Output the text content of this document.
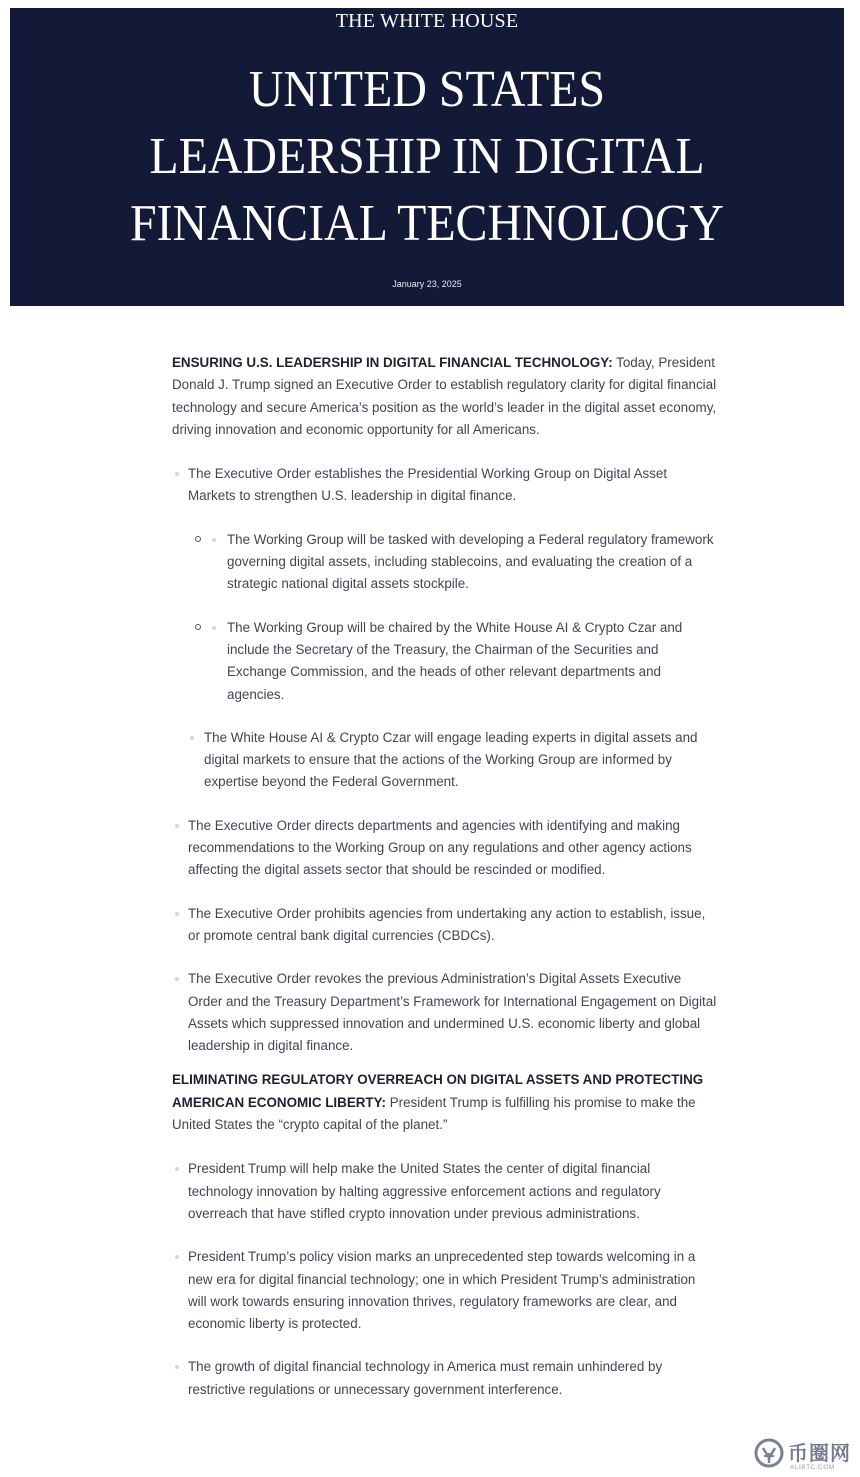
THE WHITE HOUSE
UNITED STATES
LEADERSHIP IN DIGITAL
FINANCIAL TECHNOLOGY
January 23, 2025

ENSURING U.S. LEADERSHIP IN DIGITAL FINANCIAL TECHNOLOGY: Today, President Donald J. Trump signed an Executive Order to establish regulatory clarity for digital financial technology and secure America’s position as the world’s leader in the digital asset economy, driving innovation and economic opportunity for all Americans.

The Executive Order establishes the Presidential Working Group on Digital Asset Markets to strengthen U.S. leadership in digital finance.
The Working Group will be tasked with developing a Federal regulatory framework governing digital assets, including stablecoins, and evaluating the creation of a strategic national digital assets stockpile.
The Working Group will be chaired by the White House AI & Crypto Czar and include the Secretary of the Treasury, the Chairman of the Securities and Exchange Commission, and the heads of other relevant departments and agencies.
The White House AI & Crypto Czar will engage leading experts in digital assets and digital markets to ensure that the actions of the Working Group are informed by expertise beyond the Federal Government.
The Executive Order directs departments and agencies with identifying and making recommendations to the Working Group on any regulations and other agency actions affecting the digital assets sector that should be rescinded or modified.
The Executive Order prohibits agencies from undertaking any action to establish, issue, or promote central bank digital currencies (CBDCs).
The Executive Order revokes the previous Administration’s Digital Assets Executive Order and the Treasury Department’s Framework for International Engagement on Digital Assets which suppressed innovation and undermined U.S. economic liberty and global leadership in digital finance.

ELIMINATING REGULATORY OVERREACH ON DIGITAL ASSETS AND PROTECTING AMERICAN ECONOMIC LIBERTY: President Trump is fulfilling his promise to make the United States the “crypto capital of the planet.”

President Trump will help make the United States the center of digital financial technology innovation by halting aggressive enforcement actions and regulatory overreach that have stifled crypto innovation under previous administrations.
President Trump’s policy vision marks an unprecedented step towards welcoming in a new era for digital financial technology; one in which President Trump’s administration will work towards ensuring innovation thrives, regulatory frameworks are clear, and economic liberty is protected.
The growth of digital financial technology in America must remain unhindered by restrictive regulations or unnecessary government interference.
币圈网
ALIBTC.COM
